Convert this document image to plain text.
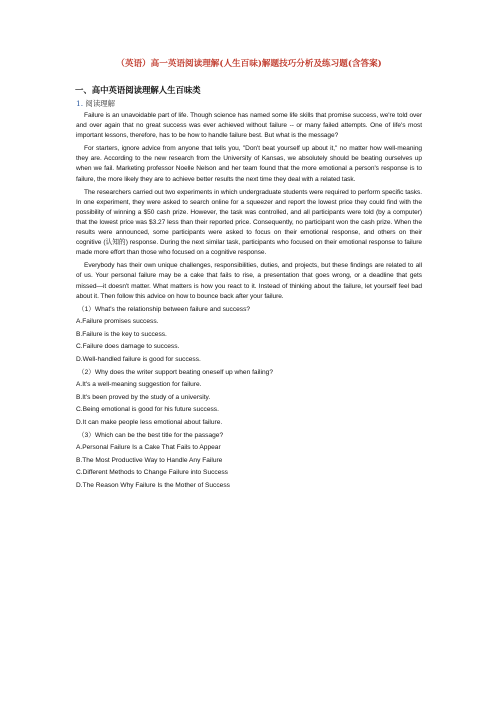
（英语）高一英语阅读理解(人生百味)解题技巧分析及练习题(含答案)
一、高中英语阅读理解人生百味类
1. 阅读理解

Failure is an unavoidable part of life. Though science has named some life skills that promise success, we're told over and over again that no great success was ever achieved without failure -- or many failed attempts. One of life's most important lessons, therefore, has to be how to handle failure best. But what is the message?

For starters, ignore advice from anyone that tells you, "Don't beat yourself up about it," no matter how well-meaning they are. According to the new research from the University of Kansas, we absolutely should be beating ourselves up when we fail. Marketing professor Noelle Nelson and her team found that the more emotional a person's response is to failure, the more likely they are to achieve better results the next time they deal with a related task.

The researchers carried out two experiments in which undergraduate students were required to perform specific tasks. In one experiment, they were asked to search online for a squeezer and report the lowest price they could find with the possibility of winning a $50 cash prize. However, the task was controlled, and all participants were told (by a computer) that the lowest price was $3.27 less than their reported price. Consequently, no participant won the cash prize. When the results were announced, some participants were asked to focus on their emotional response, and others on their cognitive (认知的) response. During the next similar task, participants who focused on their emotional response to failure made more effort than those who focused on a cognitive response.

Everybody has their own unique challenges, responsibilities, duties, and projects, but these findings are related to all of us. Your personal failure may be a cake that fails to rise, a presentation that goes wrong, or a deadline that gets missed—it doesn't matter. What matters is how you react to it. Instead of thinking about the failure, let yourself feel bad about it. Then follow this advice on how to bounce back after your failure.

（1）What's the relationship between failure and success?
A.Failure promises success.
B.Failure is the key to success.
C.Failure does damage to success.
D.Well-handled failure is good for success.
（2）Why does the writer support beating oneself up when failing?
A.It's a well-meaning suggestion for failure.
B.It's been proved by the study of a university.
C.Being emotional is good for his future success.
D.It can make people less emotional about failure.
（3）Which can be the best title for the passage?
A.Personal Failure Is a Cake That Fails to Appear
B.The Most Productive Way to Handle Any Failure
C.Different Methods to Change Failure into Success
D.The Reason Why Failure Is the Mother of Success
